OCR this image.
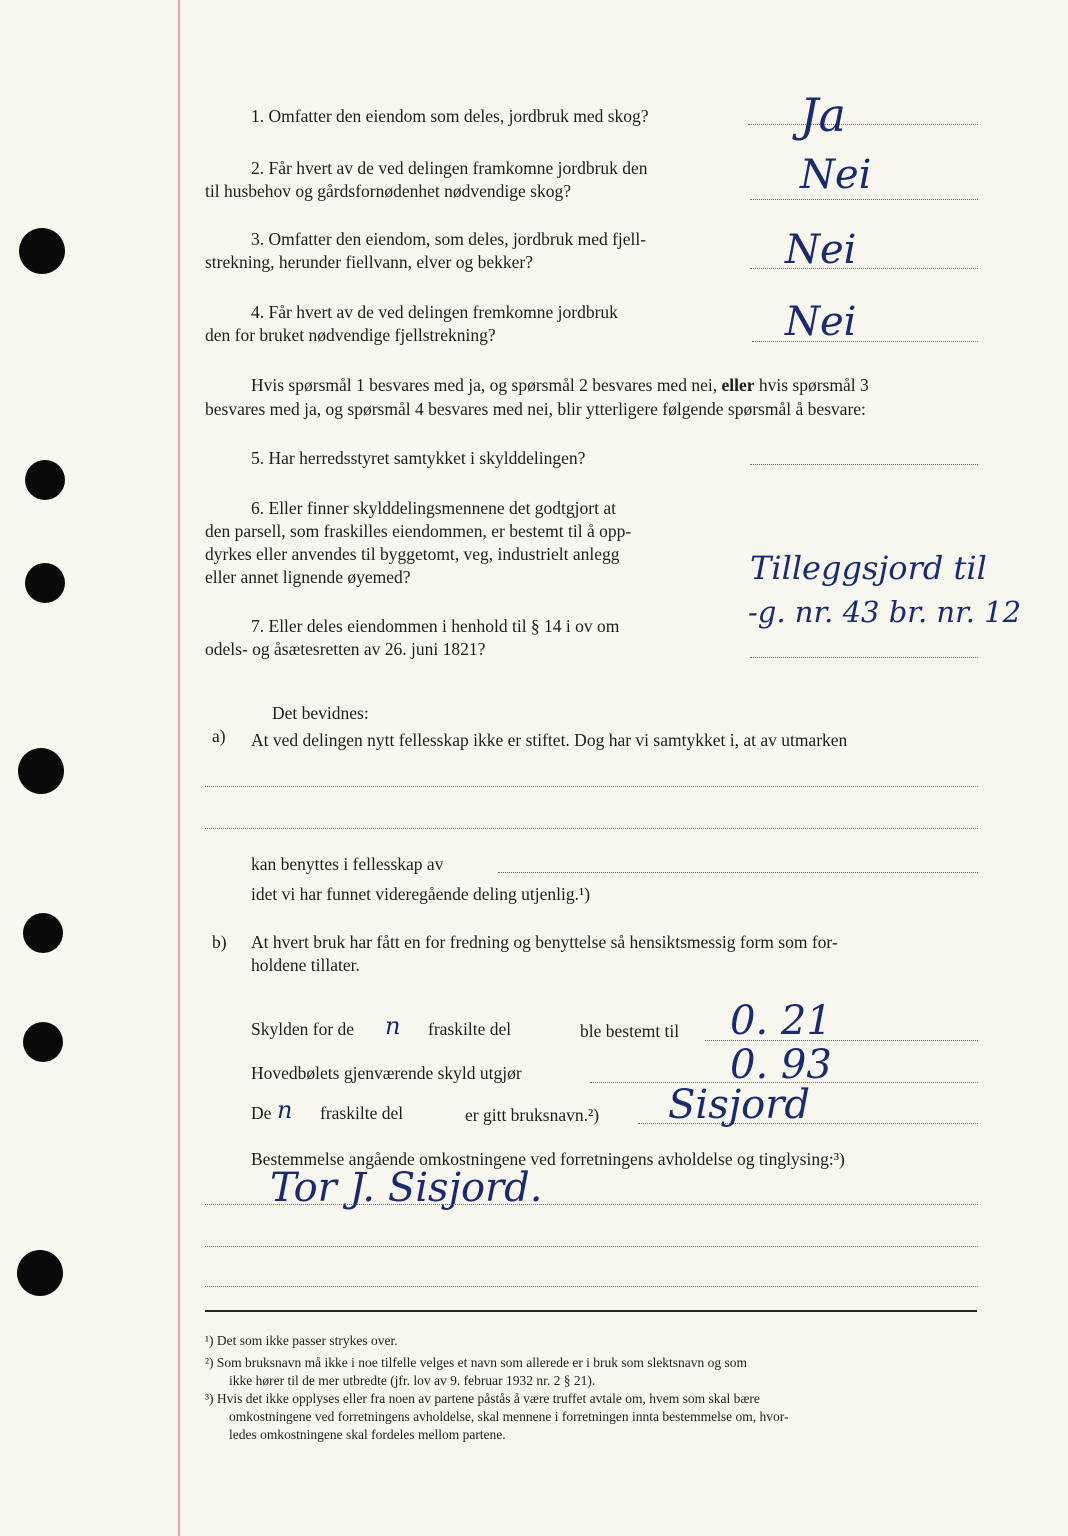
1. Omfatter den eiendom som deles, jordbruk med skog?	Ja
2. Får hvert av de ved delingen framkomne jordbruk den
til husbehov og gårdsfornødenhet nødvendige skog?	Nei
3. Omfatter den eiendom, som deles, jordbruk med fjell-
strekning, herunder fiellvann, elver og bekker?	Nei
4. Får hvert av de ved delingen fremkomne jordbruk
den for bruket nødvendige fjellstrekning?	Nei
Hvis spørsmål 1 besvares med ja, og spørsmål 2 besvares med nei, eller hvis spørsmål 3
besvares med ja, og spørsmål 4 besvares med nei, blir ytterligere følgende spørsmål å besvare:
5. Har herredsstyret samtykket i skylddelingen?
6. Eller finner skylddelingsmennene det godtgjort at
den parsell, som fraskilles eiendommen, er bestemt til å opp-
dyrkes eller anvendes til byggetomt, veg, industrielt anlegg
eller annet lignende øyemed?	Tilleggsjord til
-g. nr. 43 br. nr. 12
7. Eller deles eiendommen i henhold til § 14 i ov om
odels- og åsætesretten av 26. juni 1821?
Det bevidnes:
a) At ved delingen nytt fellesskap ikke er stiftet. Dog har vi samtykket i, at av utmarken
kan benyttes i fellesskap av
idet vi har funnet videregående deling utjenlig.¹)
b) At hvert bruk har fått en for fredning og benyttelse så hensiktsmessig form som for-
holdene tillater.
Skylden for de n fraskilte del	ble bestemt til 0. 21
Hovedbølets gjenværende skyld utgjør	0. 93
De n fraskilte del	er gitt bruksnavn.²) Sisjord
Bestemmelse angående omkostningene ved forretningens avholdelse og tinglysing:³)
Tor J. Sisjord.
¹) Det som ikke passer strykes over.
²) Som bruksnavn må ikke i noe tilfelle velges et navn som allerede er i bruk som slektsnavn og som
ikke hører til de mer utbredte (jfr. lov av 9. februar 1932 nr. 2 § 21).
³) Hvis det ikke opplyses eller fra noen av partene påstås å være truffet avtale om, hvem som skal bære
omkostningene ved forretningens avholdelse, skal mennene i forretningen innta bestemmelse om, hvor-
ledes omkostningene skal fordeles mellom partene.
